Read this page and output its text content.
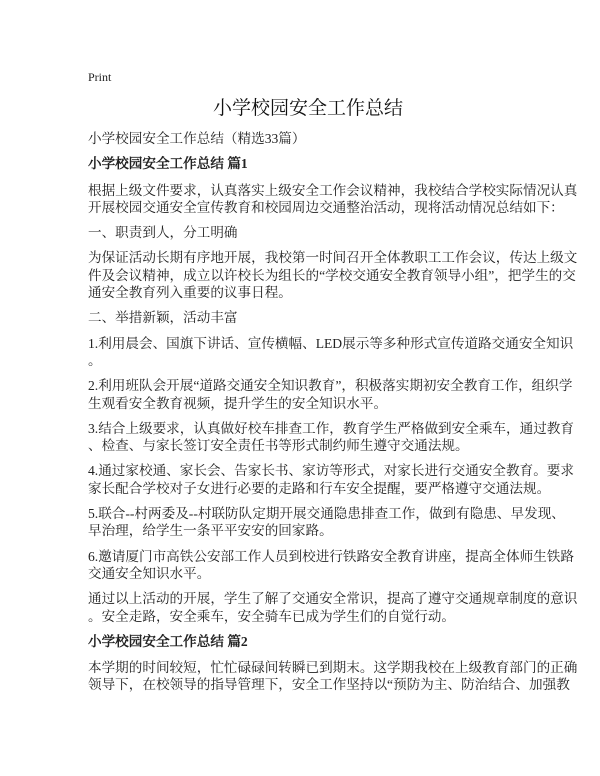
Print
小学校园安全工作总结

小学校园安全工作总结（精选33篇）

小学校园安全工作总结 篇1

根据上级文件要求，认真落实上级安全工作会议精神，我校结合学校实际情况认真
开展校园交通安全宣传教育和校园周边交通整治活动，现将活动情况总结如下：

一、职责到人，分工明确

为保证活动长期有序地开展，我校第一时间召开全体教职工工作会议，传达上级文
件及会议精神，成立以许校长为组长的“学校交通安全教育领导小组”，把学生的交
通安全教育列入重要的议事日程。

二、举措新颖，活动丰富

1.利用晨会、国旗下讲话、宣传横幅、LED展示等多种形式宣传道路交通安全知识
。

2.利用班队会开展“道路交通安全知识教育”，积极落实期初安全教育工作，组织学
生观看安全教育视频，提升学生的安全知识水平。

3.结合上级要求，认真做好校车排查工作，教育学生严格做到安全乘车，通过教育
、检查、与家长签订安全责任书等形式制约师生遵守交通法规。

4.通过家校通、家长会、告家长书、家访等形式，对家长进行交通安全教育。要求
家长配合学校对子女进行必要的走路和行车安全提醒，要严格遵守交通法规。

5.联合--村两委及--村联防队定期开展交通隐患排查工作，做到有隐患、早发现、
早治理，给学生一条平平安安的回家路。

6.邀请厦门市高铁公安部工作人员到校进行铁路安全教育讲座，提高全体师生铁路
交通安全知识水平。

通过以上活动的开展，学生了解了交通安全常识，提高了遵守交通规章制度的意识
。安全走路，安全乘车，安全骑车已成为学生们的自觉行动。

小学校园安全工作总结 篇2

本学期的时间较短，忙忙碌碌间转瞬已到期末。这学期我校在上级教育部门的正确
领导下，在校领导的指导管理下，安全工作坚持以“预防为主、防治结合、加强教
